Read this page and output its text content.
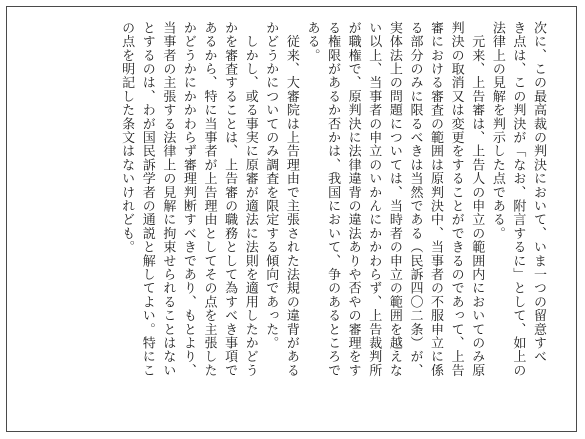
次に、この最高裁の判決において、いま一つの留意すべ
き点は、この判決が「なお、附言するに」として、如上の
法律上の見解を判示した点である。

　元来、上告審は、上告人の申立の範囲内においてのみ原
判決の取消又は変更をすることができるのであって、上告
審における審査の範囲は原判決中、当事者の不服申立に係
る部分のみに限るべきは当然である（民訴四〇二条）が、
実体法上の問題については、当時者の申立の範囲を越えな
い以上、当事者の申立のいかんにかかわらず、上告裁判所
が職権で、原判決に法律違背の違法ありや否やの審理をす
る権限があるか否かは、我国において、争のあるところで
ある。

　従来、大審院は上告理由で主張された法規の違背がある
かどうかについてのみ調査を限定する傾向であった。

　しかし、或る事実に原審が適法に法則を適用したかどう
かを審査することは、上告審の職務として為すべき事項で
あるから、特に当事者が上告理由としてその点を主張した
かどうかにかかわらず審理判断すべきであり、もとより、
当事者の主張する法律上の見解に拘束せられることはない
とするのは、わが国民訴学者の通説と解してよい。特にこ
の点を明記した条文はないけれども。
